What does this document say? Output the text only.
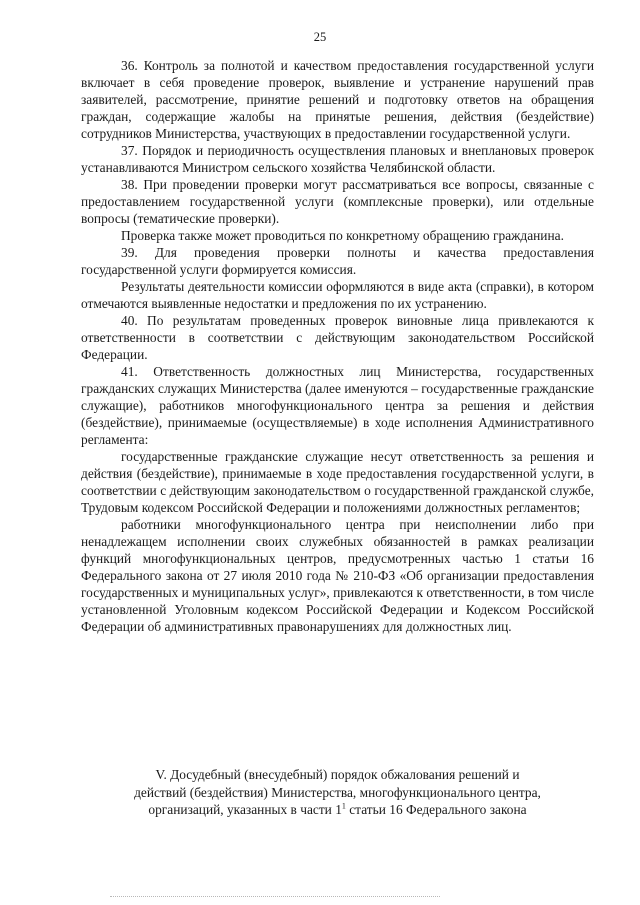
25

36. Контроль за полнотой и качеством предоставления государственной услуги включает в себя проведение проверок, выявление и устранение нарушений прав заявителей, рассмотрение, принятие решений и подготовку ответов на обращения граждан, содержащие жалобы на принятые решения, действия (бездействие) сотрудников Министерства, участвующих в предоставлении государственной услуги.

37. Порядок и периодичность осуществления плановых и внеплановых проверок устанавливаются Министром сельского хозяйства Челябинской области.

38. При проведении проверки могут рассматриваться все вопросы, связанные с предоставлением государственной услуги (комплексные проверки), или отдельные вопросы (тематические проверки).

Проверка также может проводиться по конкретному обращению гражданина.

39. Для проведения проверки полноты и качества предоставления государственной услуги формируется комиссия.

Результаты деятельности комиссии оформляются в виде акта (справки), в котором отмечаются выявленные недостатки и предложения по их устранению.

40. По результатам проведенных проверок виновные лица привлекаются к ответственности в соответствии с действующим законодательством Российской Федерации.

41. Ответственность должностных лиц Министерства, государственных гражданских служащих Министерства (далее именуются – государственные гражданские служащие), работников многофункционального центра за решения и действия (бездействие), принимаемые (осуществляемые) в ходе исполнения Административного регламента:

государственные гражданские служащие несут ответственность за решения и действия (бездействие), принимаемые в ходе предоставления государственной услуги, в соответствии с действующим законодательством о государственной гражданской службе, Трудовым кодексом Российской Федерации и положениями должностных регламентов;

работники многофункционального центра при неисполнении либо при ненадлежащем исполнении своих служебных обязанностей в рамках реализации функций многофункциональных центров, предусмотренных частью 1 статьи 16 Федерального закона от 27 июля 2010 года № 210-ФЗ «Об организации предоставления государственных и муниципальных услуг», привлекаются к ответственности, в том числе установленной Уголовным кодексом Российской Федерации и Кодексом Российской Федерации об административных правонарушениях для должностных лиц.

V. Досудебный (внесудебный) порядок обжалования решений и
действий (бездействия) Министерства, многофункционального центра,
организаций, указанных в части $1^1$ статьи 16 Федерального закона
